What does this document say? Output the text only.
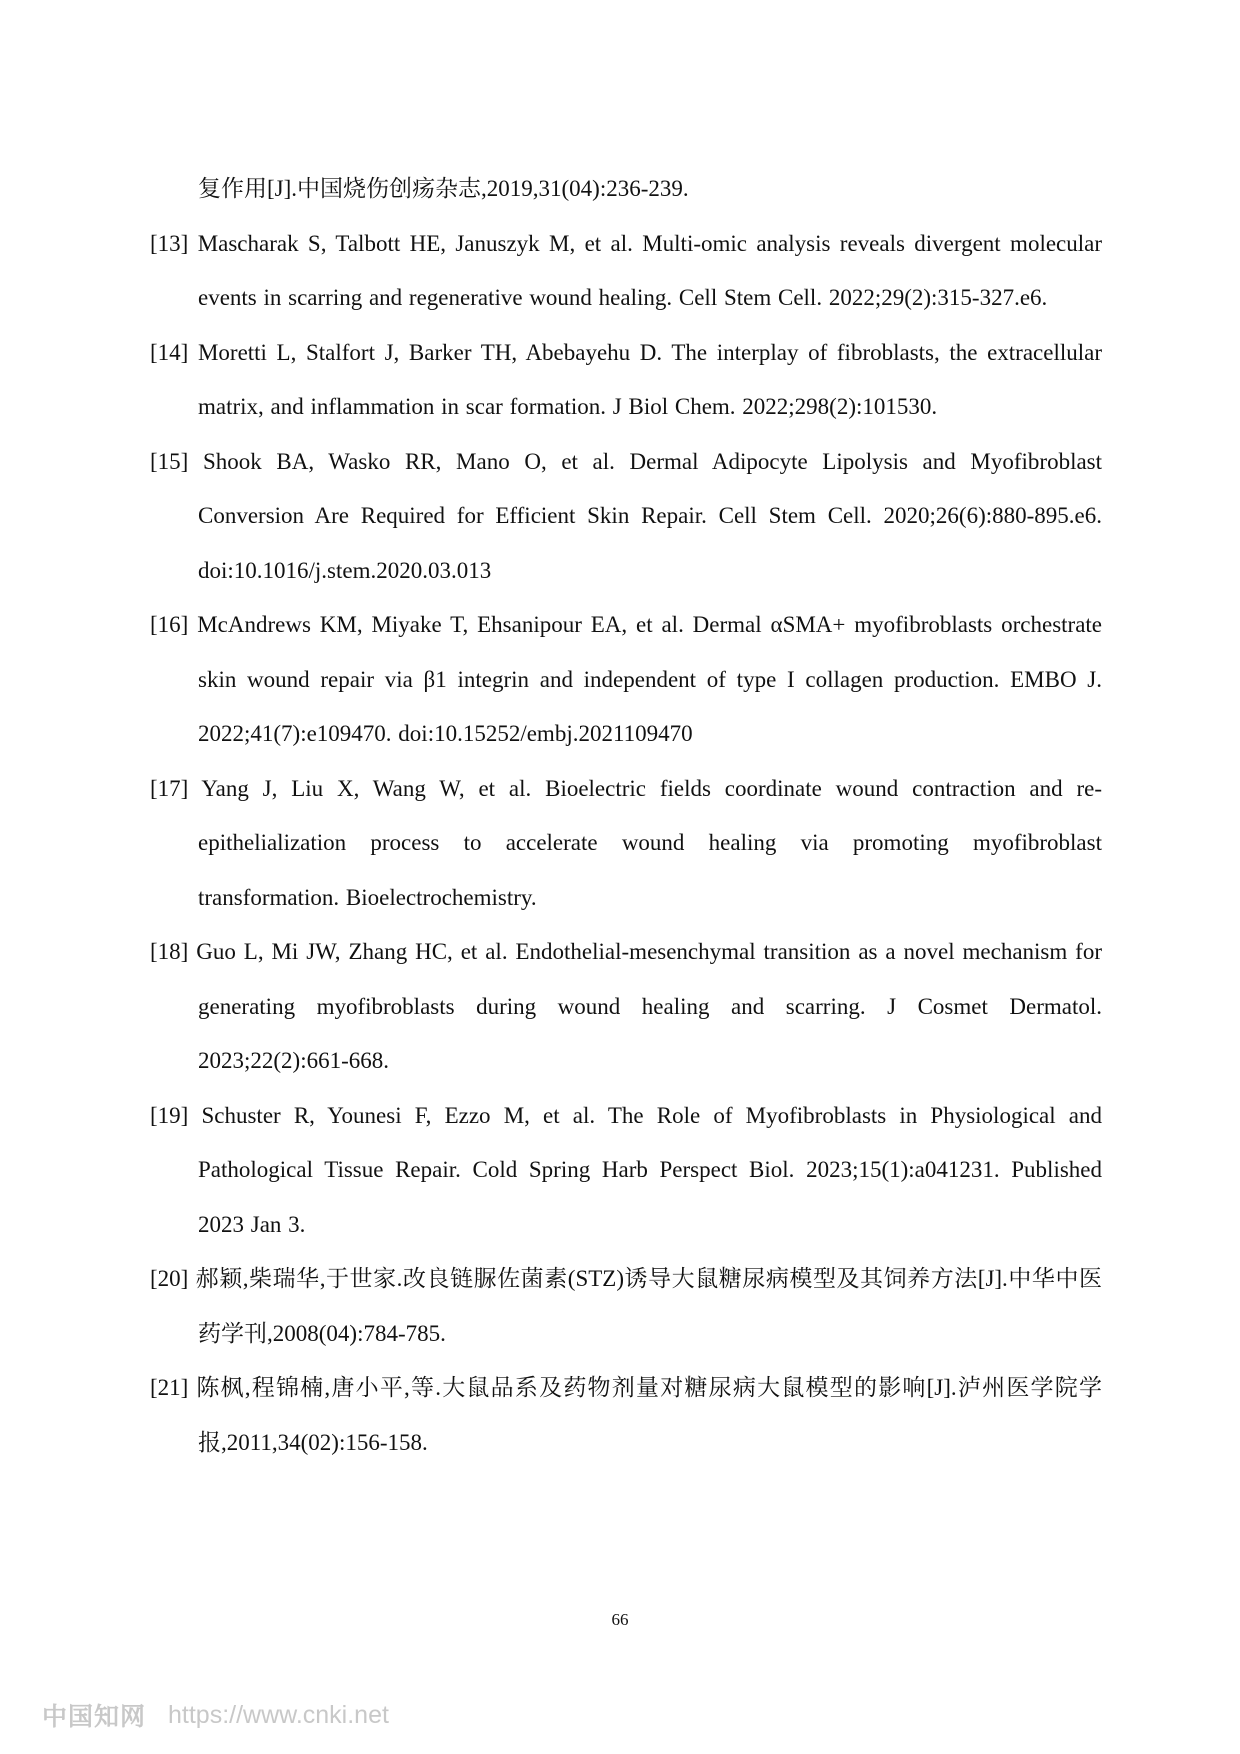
复作用[J].中国烧伤创疡杂志,2019,31(04):236-239.
[13] Mascharak S, Talbott HE, Januszyk M, et al. Multi-omic analysis reveals divergent molecular events in scarring and regenerative wound healing. Cell Stem Cell. 2022;29(2):315-327.e6.
[14] Moretti L, Stalfort J, Barker TH, Abebayehu D. The interplay of fibroblasts, the extracellular matrix, and inflammation in scar formation. J Biol Chem. 2022;298(2):101530.
[15] Shook BA, Wasko RR, Mano O, et al. Dermal Adipocyte Lipolysis and Myofibroblast Conversion Are Required for Efficient Skin Repair. Cell Stem Cell. 2020;26(6):880-895.e6. doi:10.1016/j.stem.2020.03.013
[16] McAndrews KM, Miyake T, Ehsanipour EA, et al. Dermal αSMA+ myofibroblasts orchestrate skin wound repair via β1 integrin and independent of type I collagen production. EMBO J. 2022;41(7):e109470. doi:10.15252/embj.2021109470
[17] Yang J, Liu X, Wang W, et al. Bioelectric fields coordinate wound contraction and re-epithelialization process to accelerate wound healing via promoting myofibroblast transformation. Bioelectrochemistry.
[18] Guo L, Mi JW, Zhang HC, et al. Endothelial-mesenchymal transition as a novel mechanism for generating myofibroblasts during wound healing and scarring. J Cosmet Dermatol. 2023;22(2):661-668.
[19] Schuster R, Younesi F, Ezzo M, et al. The Role of Myofibroblasts in Physiological and Pathological Tissue Repair. Cold Spring Harb Perspect Biol. 2023;15(1):a041231. Published 2023 Jan 3.
[20] 郝颖,柴瑞华,于世家.改良链脲佐菌素(STZ)诱导大鼠糖尿病模型及其饲养方法[J].中华中医药学刊,2008(04):784-785.
[21] 陈枫,程锦楠,唐小平,等.大鼠品系及药物剂量对糖尿病大鼠模型的影响[J].泸州医学院学报,2011,34(02):156-158.
66
中国知网 https://www.cnki.net
